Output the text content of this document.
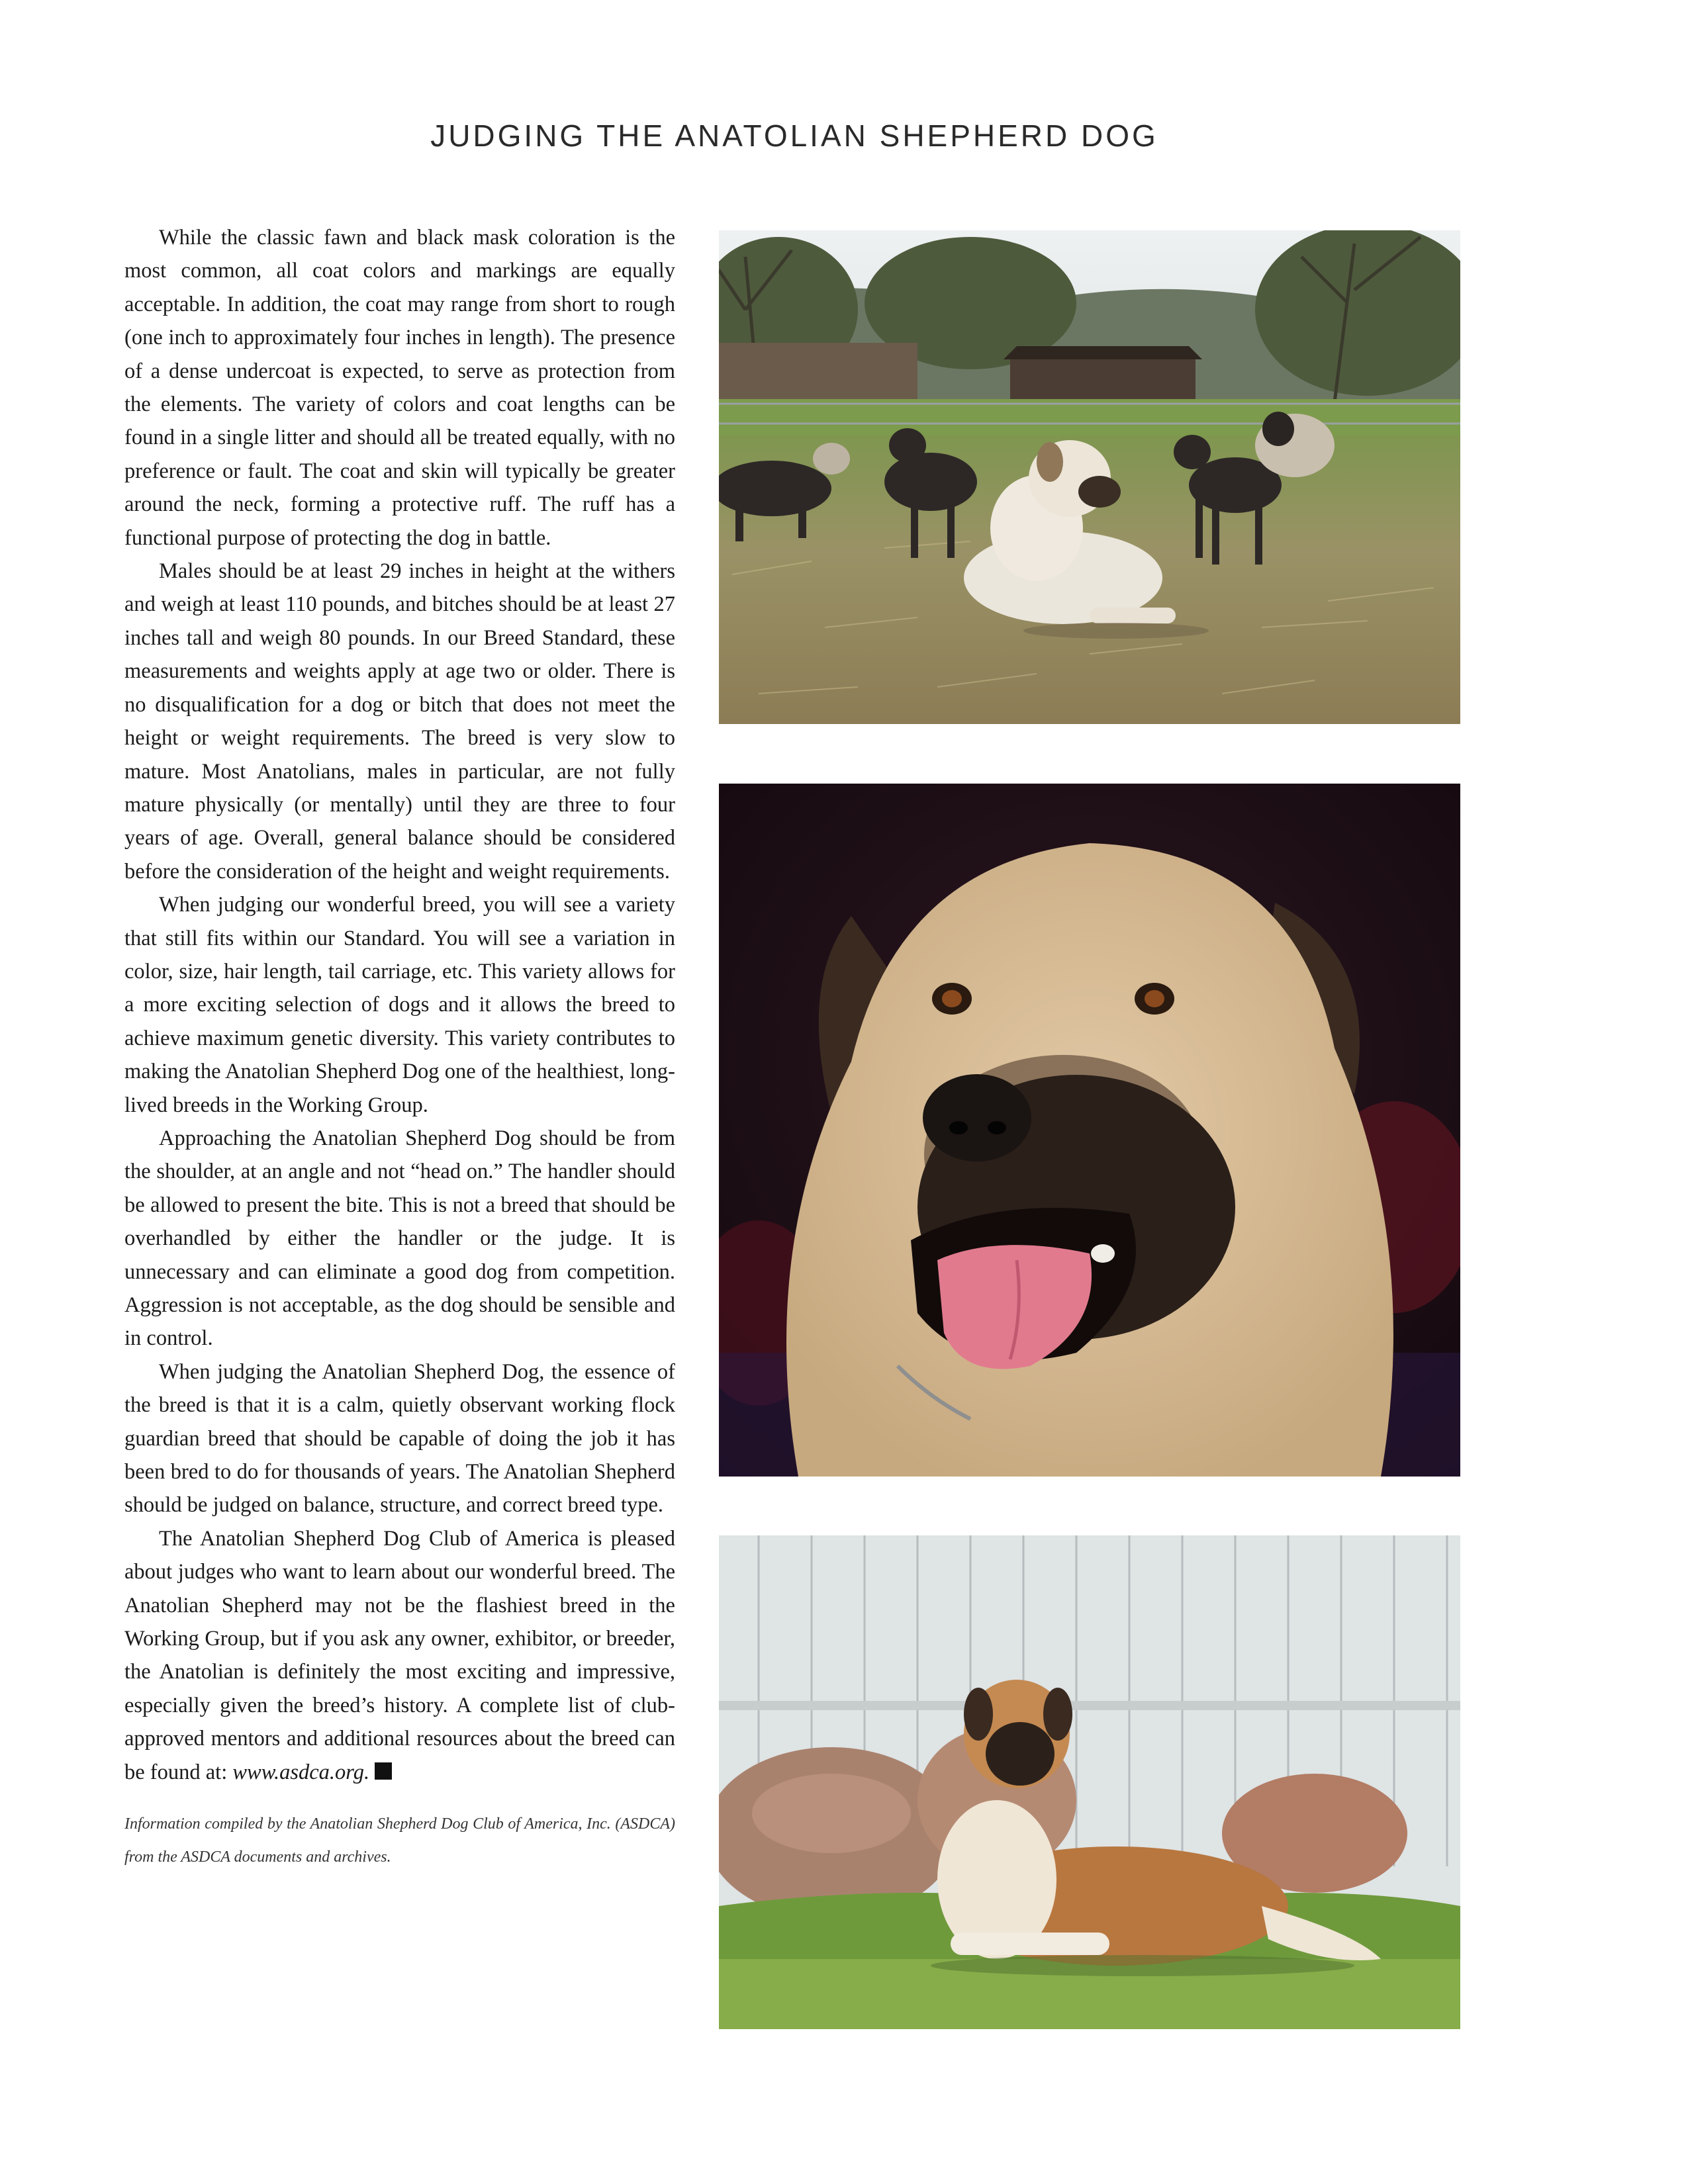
JUDGING THE ANATOLIAN SHEPHERD DOG

While the classic fawn and black mask coloration is the most common, all coat colors and markings are equally acceptable. In addition, the coat may range from short to rough (one inch to approximately four inches in length). The presence of a dense undercoat is expected, to serve as protection from the elements. The variety of colors and coat lengths can be found in a single litter and should all be treated equally, with no preference or fault. The coat and skin will typically be greater around the neck, forming a protective ruff. The ruff has a functional purpose of protecting the dog in battle.

Males should be at least 29 inches in height at the withers and weigh at least 110 pounds, and bitches should be at least 27 inches tall and weigh 80 pounds. In our Breed Standard, these measurements and weights apply at age two or older. There is no disqualification for a dog or bitch that does not meet the height or weight requirements. The breed is very slow to mature. Most Anatolians, males in particular, are not fully mature physically (or mentally) until they are three to four years of age. Overall, general balance should be considered before the consideration of the height and weight requirements.

When judging our wonderful breed, you will see a variety that still fits within our Standard. You will see a variation in color, size, hair length, tail carriage, etc. This variety allows for a more exciting selection of dogs and it allows the breed to achieve maximum genetic diversity. This variety contributes to making the Anatolian Shepherd Dog one of the healthiest, long-lived breeds in the Working Group.

Approaching the Anatolian Shepherd Dog should be from the shoulder, at an angle and not “head on.” The handler should be allowed to present the bite. This is not a breed that should be overhandled by either the handler or the judge. It is unnecessary and can eliminate a good dog from competition. Aggression is not acceptable, as the dog should be sensible and in control.

When judging the Anatolian Shepherd Dog, the essence of the breed is that it is a calm, quietly observant working flock guardian breed that should be capable of doing the job it has been bred to do for thousands of years. The Anatolian Shepherd should be judged on balance, structure, and correct breed type.

The Anatolian Shepherd Dog Club of America is pleased about judges who want to learn about our wonderful breed. The Anatolian Shepherd may not be the flashiest breed in the Working Group, but if you ask any owner, exhibitor, or breeder, the Anatolian is definitely the most exciting and impressive, especially given the breed’s history. A complete list of club-approved mentors and additional resources about the breed can be found at: www.asdca.org.

Information compiled by the Anatolian Shepherd Dog Club of America, Inc. (ASDCA) from the ASDCA documents and archives.
